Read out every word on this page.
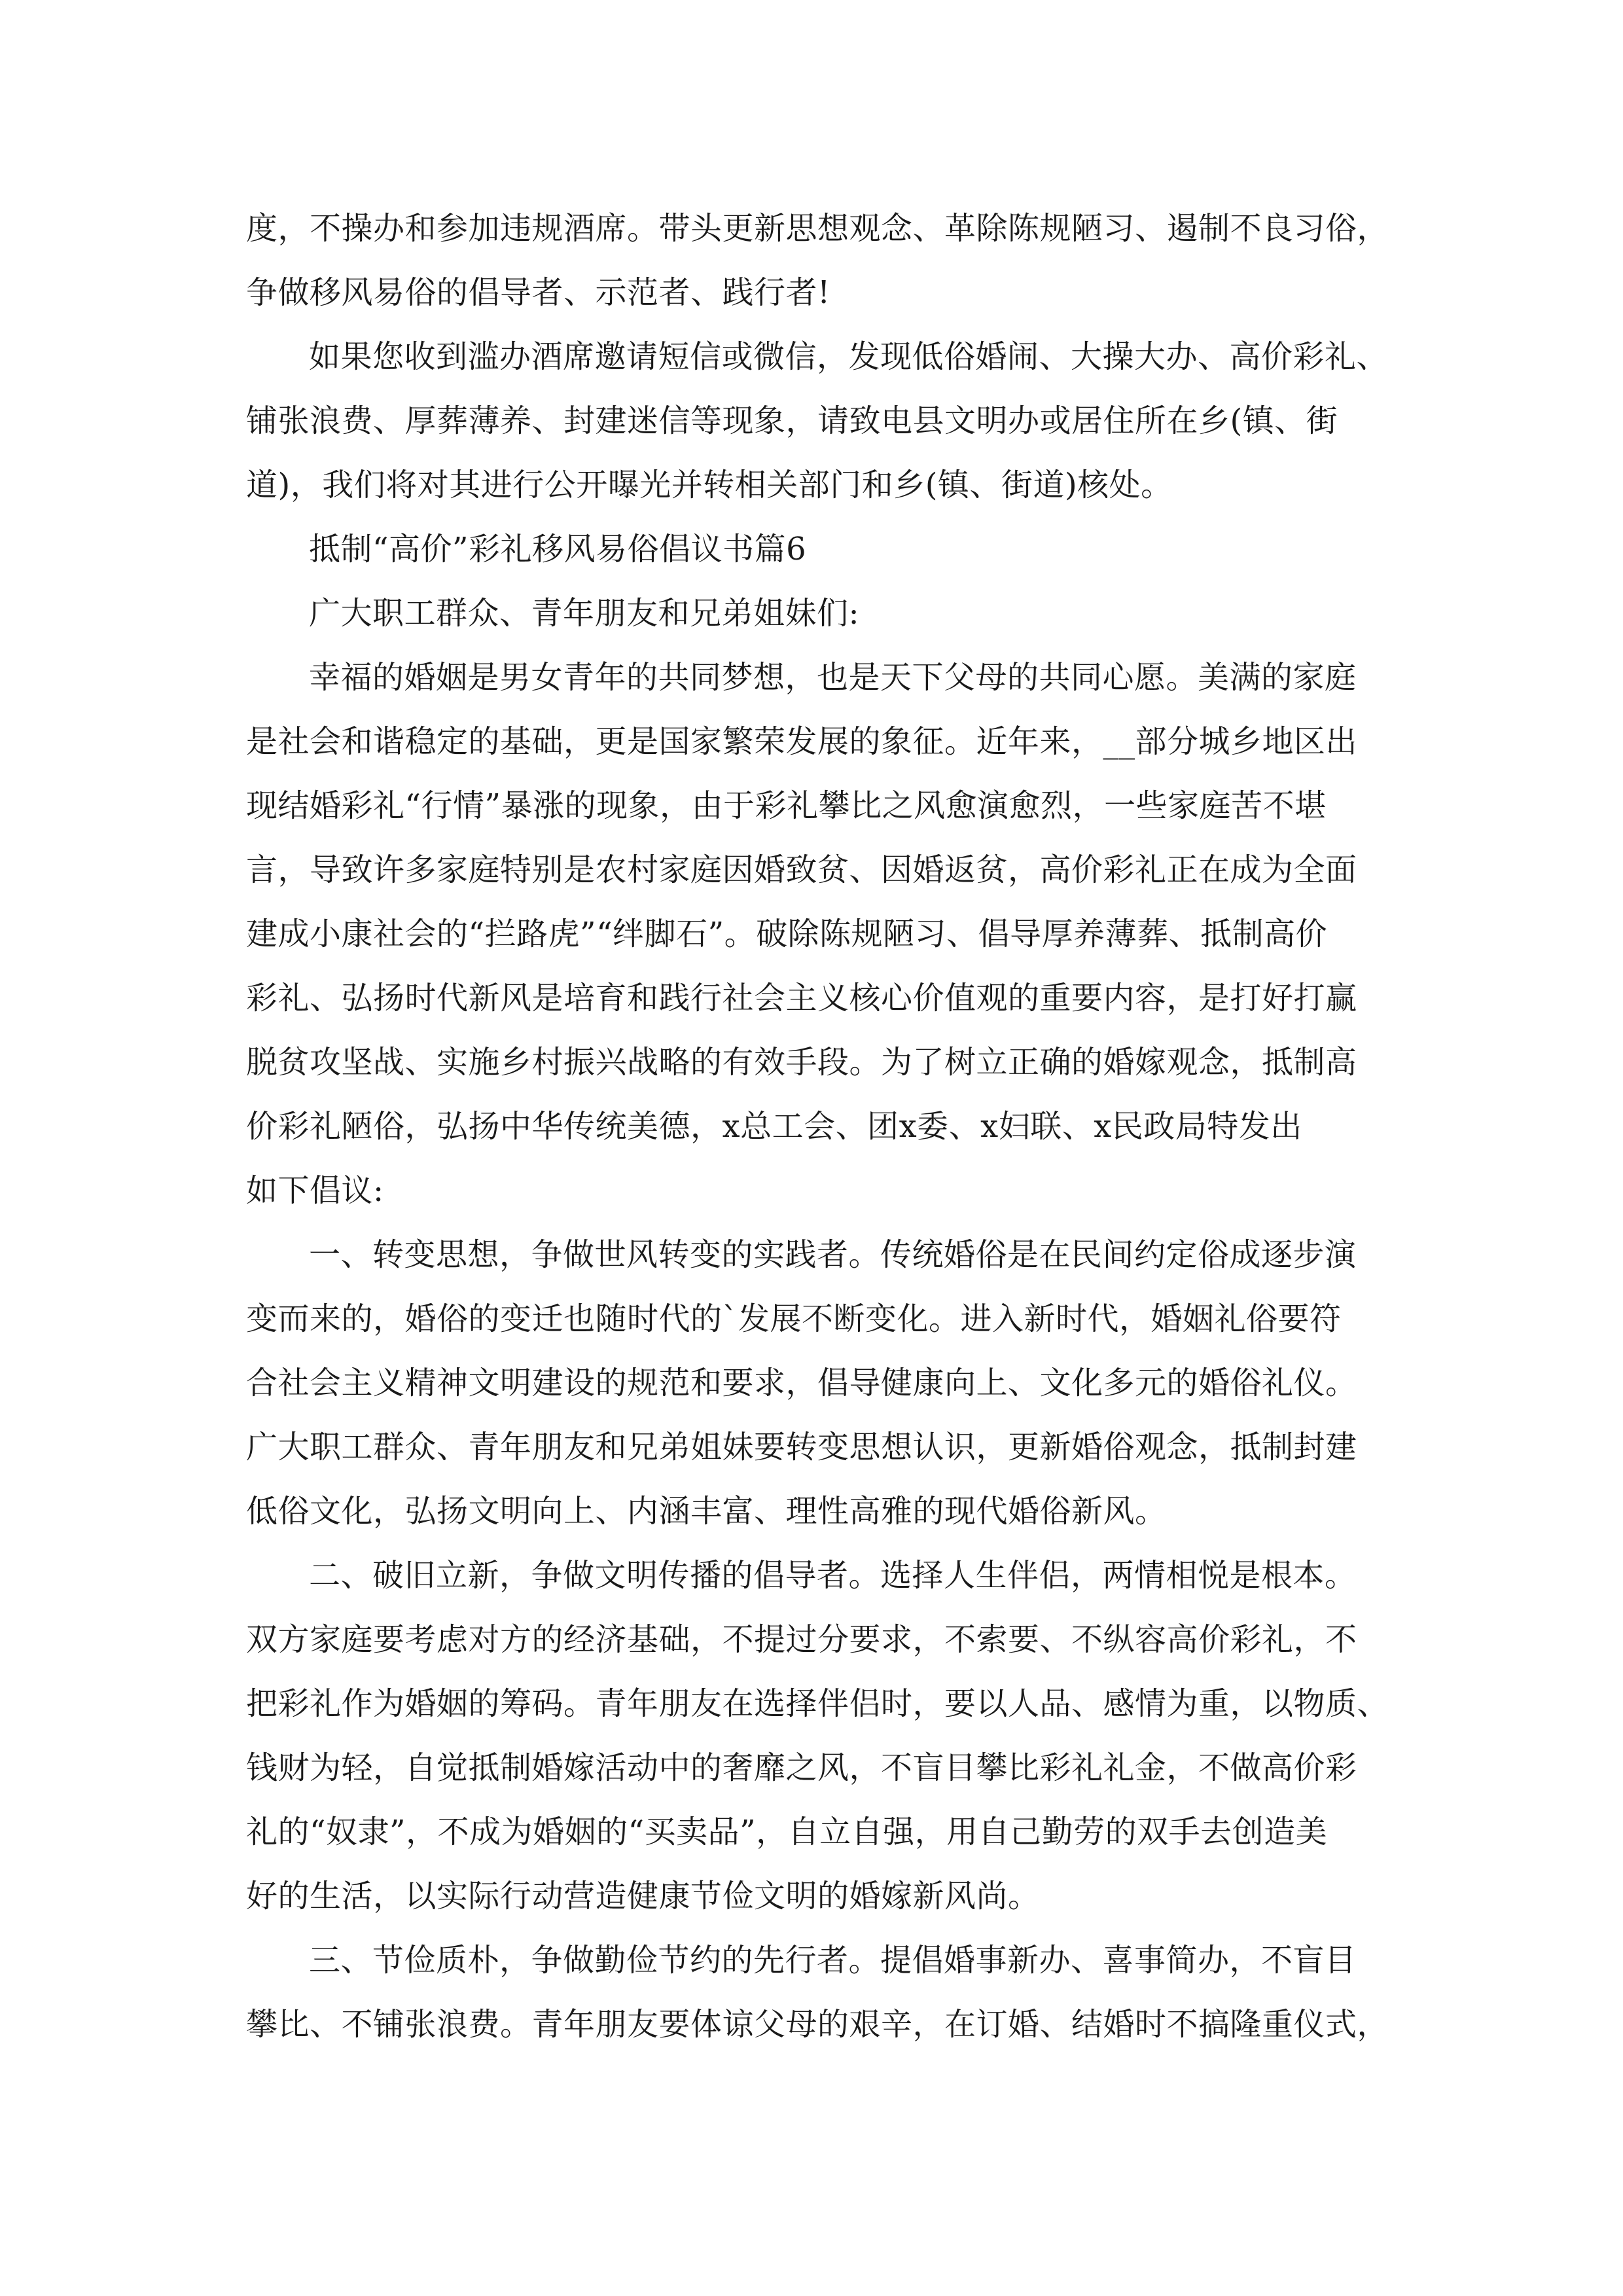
度，不操办和参加违规酒席。带头更新思想观念、革除陈规陋习、遏制不良习俗，
争做移风易俗的倡导者、示范者、践行者!
如果您收到滥办酒席邀请短信或微信，发现低俗婚闹、大操大办、高价彩礼、
铺张浪费、厚葬薄养、封建迷信等现象，请致电县文明办或居住所在乡(镇、街
道)，我们将对其进行公开曝光并转相关部门和乡(镇、街道)核处。
抵制“高价”彩礼移风易俗倡议书篇6
广大职工群众、青年朋友和兄弟姐妹们:
幸福的婚姻是男女青年的共同梦想，也是天下父母的共同心愿。美满的家庭
是社会和谐稳定的基础，更是国家繁荣发展的象征。近年来，__部分城乡地区出
现结婚彩礼“行情”暴涨的现象，由于彩礼攀比之风愈演愈烈，一些家庭苦不堪
言，导致许多家庭特别是农村家庭因婚致贫、因婚返贫，高价彩礼正在成为全面
建成小康社会的“拦路虎”“绊脚石”。破除陈规陋习、倡导厚养薄葬、抵制高价
彩礼、弘扬时代新风是培育和践行社会主义核心价值观的重要内容，是打好打赢
脱贫攻坚战、实施乡村振兴战略的有效手段。为了树立正确的婚嫁观念，抵制高
价彩礼陋俗，弘扬中华传统美德，x总工会、团x委、x妇联、x民政局特发出
如下倡议:
一、转变思想，争做世风转变的实践者。传统婚俗是在民间约定俗成逐步演
变而来的，婚俗的变迁也随时代的`发展不断变化。进入新时代，婚姻礼俗要符
合社会主义精神文明建设的规范和要求，倡导健康向上、文化多元的婚俗礼仪。
广大职工群众、青年朋友和兄弟姐妹要转变思想认识，更新婚俗观念，抵制封建
低俗文化，弘扬文明向上、内涵丰富、理性高雅的现代婚俗新风。
二、破旧立新，争做文明传播的倡导者。选择人生伴侣，两情相悦是根本。
双方家庭要考虑对方的经济基础，不提过分要求，不索要、不纵容高价彩礼，不
把彩礼作为婚姻的筹码。青年朋友在选择伴侣时，要以人品、感情为重，以物质、
钱财为轻，自觉抵制婚嫁活动中的奢靡之风，不盲目攀比彩礼礼金，不做高价彩
礼的“奴隶”，不成为婚姻的“买卖品”，自立自强，用自己勤劳的双手去创造美
好的生活，以实际行动营造健康节俭文明的婚嫁新风尚。
三、节俭质朴，争做勤俭节约的先行者。提倡婚事新办、喜事简办，不盲目
攀比、不铺张浪费。青年朋友要体谅父母的艰辛，在订婚、结婚时不搞隆重仪式，
